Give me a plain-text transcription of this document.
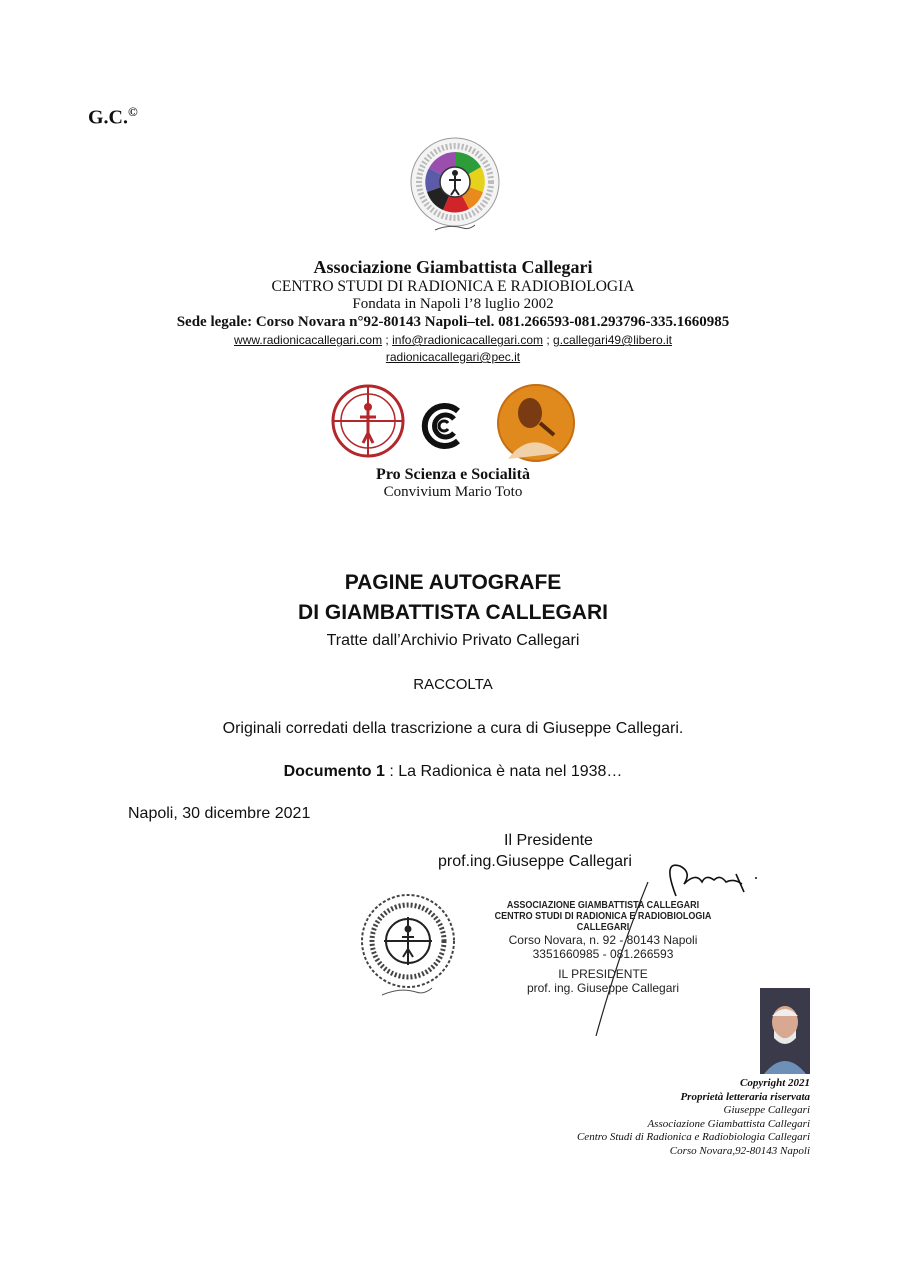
G.C.©
Associazione Giambattista Callegari
CENTRO STUDI DI RADIONICA E RADIOBIOLOGIA
Fondata in Napoli l’8 luglio 2002
Sede legale: Corso Novara n°92-80143 Napoli–tel. 081.266593-081.293796-335.1660985
www.radionicacallegari.com ; info@radionicacallegari.com ; g.callegari49@libero.it
radionicacallegari@pec.it
Pro Scienza e Socialità
Convivium Mario Toto
PAGINE AUTOGRAFE
DI GIAMBATTISTA CALLEGARI
Tratte dall’Archivio Privato Callegari
RACCOLTA
Originali corredati della trascrizione a cura di Giuseppe Callegari.
Documento 1 : La Radionica è nata nel 1938…
Napoli, 30 dicembre 2021
Il Presidente
prof.ing.Giuseppe Callegari
ASSOCIAZIONE GIAMBATTISTA CALLEGARI
CENTRO STUDI DI RADIONICA E RADIOBIOLOGIA CALLEGARI
Corso Novara, n. 92 - 80143 Napoli
3351660985 - 081.266593
IL PRESIDENTE
prof. ing. Giuseppe Callegari
Copyright 2021
Proprietà letteraria riservata
Giuseppe Callegari
Associazione Giambattista Callegari
Centro Studi di Radionica e Radiobiologia Callegari
Corso Novara,92-80143 Napoli
